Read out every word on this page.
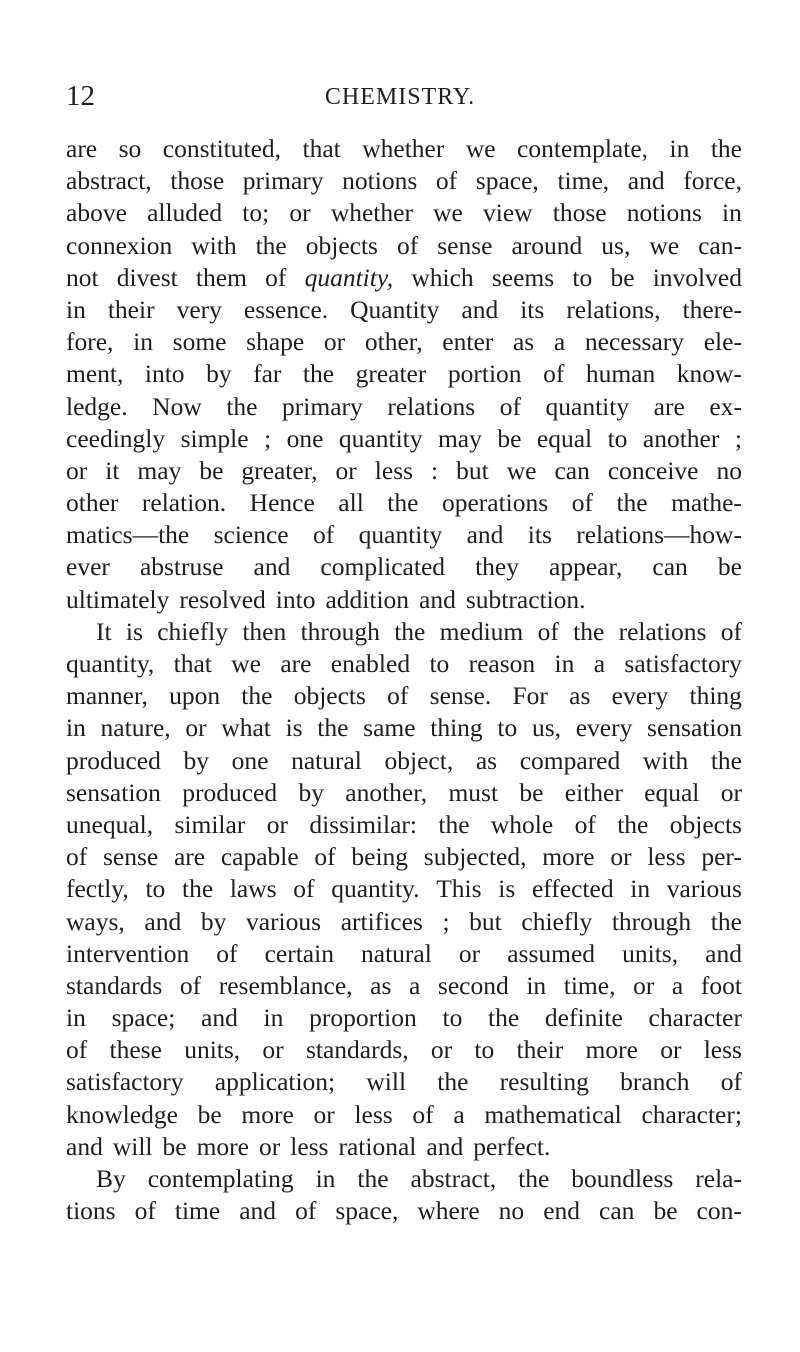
12	CHEMISTRY.
are so constituted, that whether we contemplate, in the
abstract, those primary notions of space, time, and force,
above alluded to; or whether we view those notions in
connexion with the objects of sense around us, we can-
not divest them of quantity, which seems to be involved
in their very essence. Quantity and its relations, there-
fore, in some shape or other, enter as a necessary ele-
ment, into by far the greater portion of human know-
ledge. Now the primary relations of quantity are ex-
ceedingly simple ; one quantity may be equal to another ;
or it may be greater, or less : but we can conceive no
other relation. Hence all the operations of the mathe-
matics—the science of quantity and its relations—how-
ever abstruse and complicated they appear, can be
ultimately resolved into addition and subtraction.
It is chiefly then through the medium of the relations of
quantity, that we are enabled to reason in a satisfactory
manner, upon the objects of sense. For as every thing
in nature, or what is the same thing to us, every sensation
produced by one natural object, as compared with the
sensation produced by another, must be either equal or
unequal, similar or dissimilar: the whole of the objects
of sense are capable of being subjected, more or less per-
fectly, to the laws of quantity. This is effected in various
ways, and by various artifices ; but chiefly through the
intervention of certain natural or assumed units, and
standards of resemblance, as a second in time, or a foot
in space; and in proportion to the definite character
of these units, or standards, or to their more or less
satisfactory application; will the resulting branch of
knowledge be more or less of a mathematical character;
and will be more or less rational and perfect.
By contemplating in the abstract, the boundless rela-
tions of time and of space, where no end can be con-
